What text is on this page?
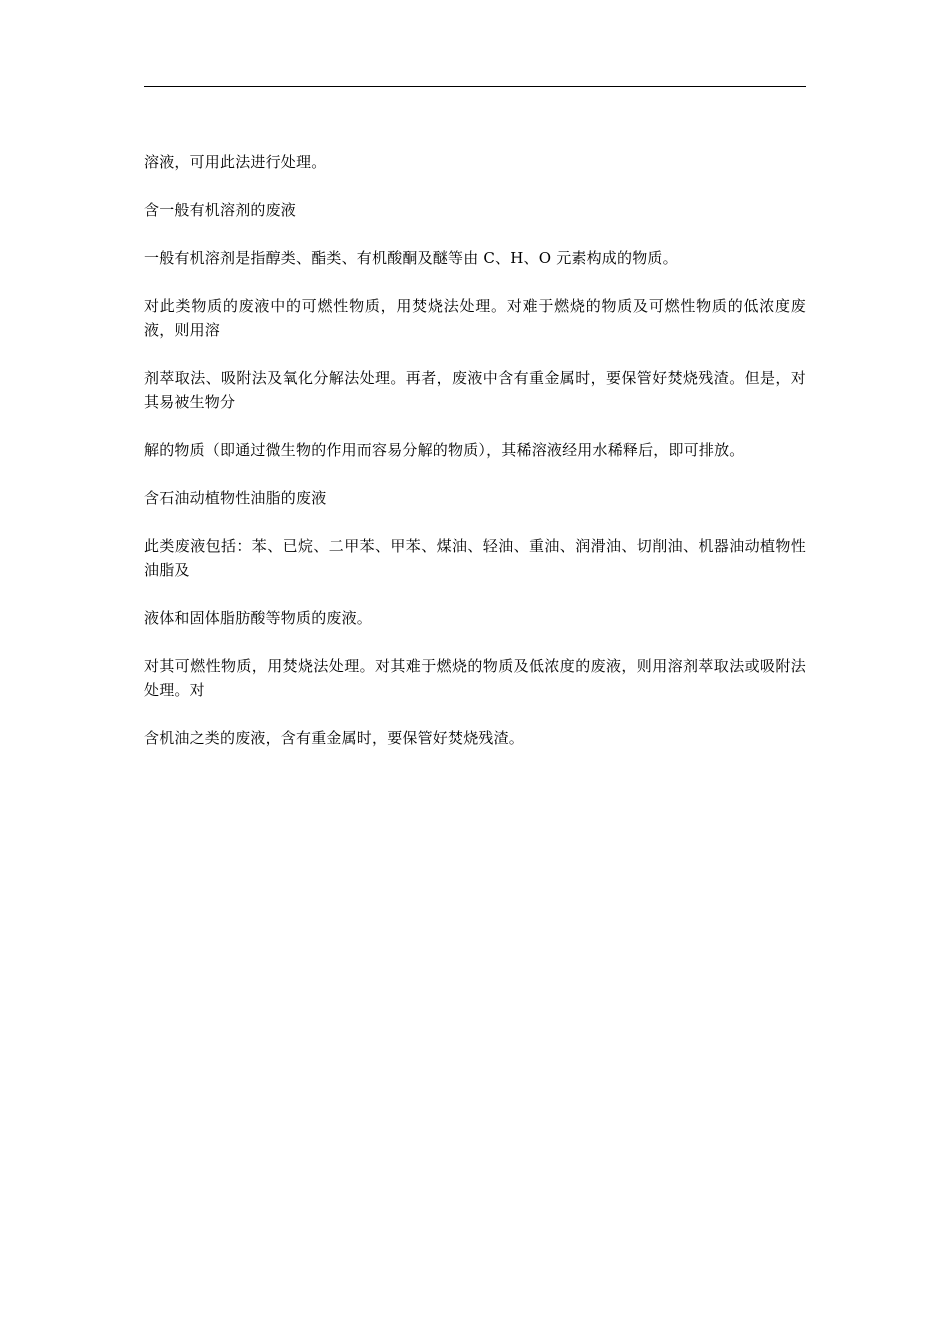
溶液，可用此法进行处理。

含一般有机溶剂的废液

一般有机溶剂是指醇类、酯类、有机酸酮及醚等由 C、H、O 元素构成的物质。

对此类物质的废液中的可燃性物质，用焚烧法处理。对难于燃烧的物质及可燃性物质的低浓度废液，则用溶

剂萃取法、吸附法及氧化分解法处理。再者，废液中含有重金属时，要保管好焚烧残渣。但是，对其易被生物分

解的物质（即通过微生物的作用而容易分解的物质），其稀溶液经用水稀释后，即可排放。

含石油动植物性油脂的废液

此类废液包括：苯、已烷、二甲苯、甲苯、煤油、轻油、重油、润滑油、切削油、机器油动植物性油脂及

液体和固体脂肪酸等物质的废液。

对其可燃性物质，用焚烧法处理。对其难于燃烧的物质及低浓度的废液，则用溶剂萃取法或吸附法处理。对

含机油之类的废液，含有重金属时，要保管好焚烧残渣。
